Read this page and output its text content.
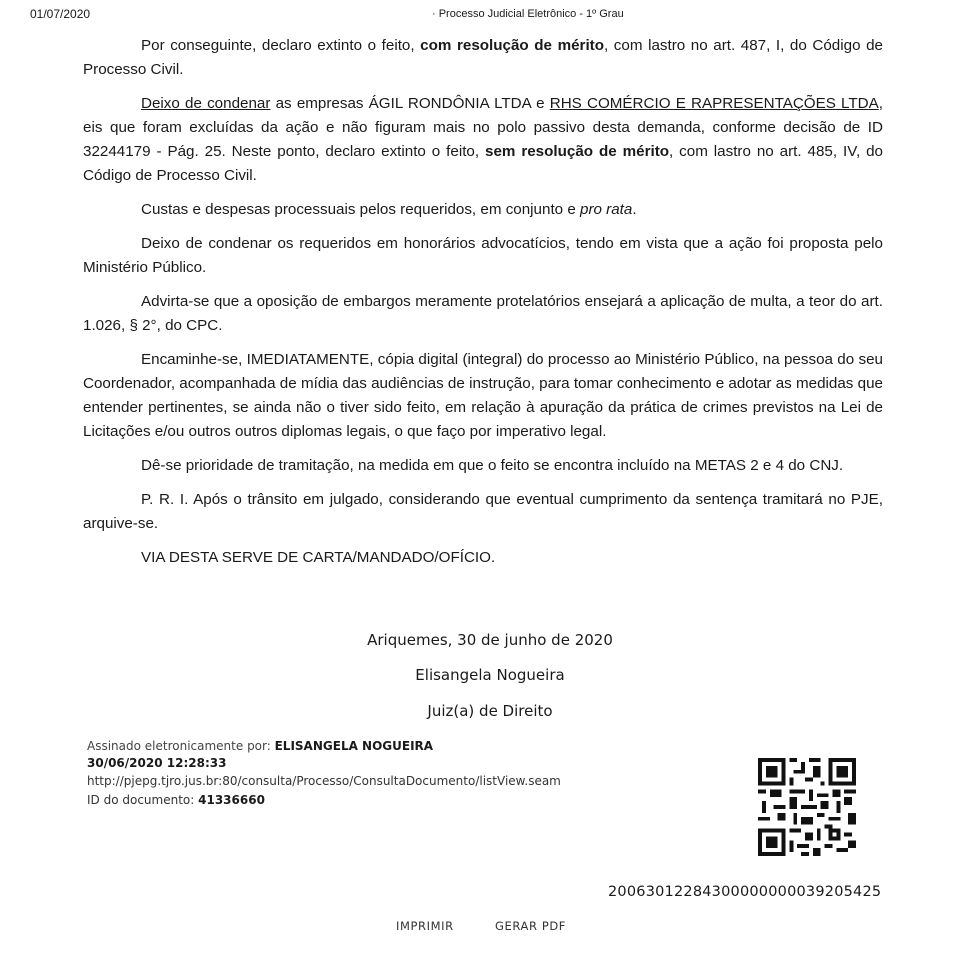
01/07/2020	· Processo Judicial Eletrônico - 1º Grau

Por conseguinte, declaro extinto o feito, com resolução de mérito, com lastro no art. 487, I, do Código de Processo Civil.

Deixo de condenar as empresas ÁGIL RONDÔNIA LTDA e RHS COMÉRCIO E RAPRESENTAÇÕES LTDA, eis que foram excluídas da ação e não figuram mais no polo passivo desta demanda, conforme decisão de ID 32244179 - Pág. 25. Neste ponto, declaro extinto o feito, sem resolução de mérito, com lastro no art. 485, IV, do Código de Processo Civil.

Custas e despesas processuais pelos requeridos, em conjunto e pro rata.

Deixo de condenar os requeridos em honorários advocatícios, tendo em vista que a ação foi proposta pelo Ministério Público.

Advirta-se que a oposição de embargos meramente protelatórios ensejará a aplicação de multa, a teor do art. 1.026, § 2°, do CPC.

Encaminhe-se, IMEDIATAMENTE, cópia digital (integral) do processo ao Ministério Público, na pessoa do seu Coordenador, acompanhada de mídia das audiências de instrução, para tomar conhecimento e adotar as medidas que entender pertinentes, se ainda não o tiver sido feito, em relação à apuração da prática de crimes previstos na Lei de Licitações e/ou outros outros diplomas legais, o que faço por imperativo legal.

Dê-se prioridade de tramitação, na medida em que o feito se encontra incluído na METAS 2 e 4 do CNJ.

P. R. I. Após o trânsito em julgado, considerando que eventual cumprimento da sentença tramitará no PJE, arquive-se.

VIA DESTA SERVE DE CARTA/MANDADO/OFÍCIO.

Ariquemes, 30 de junho de 2020
Elisangela Nogueira
Juiz(a) de Direito
Assinado eletronicamente por: ELISANGELA NOGUEIRA
30/06/2020 12:28:33
http://pjepg.tjro.jus.br:80/consulta/Processo/ConsultaDocumento/listView.seam
ID do documento: 41336660
20063012284300000000039205425
IMPRIMIR	GERAR PDF
